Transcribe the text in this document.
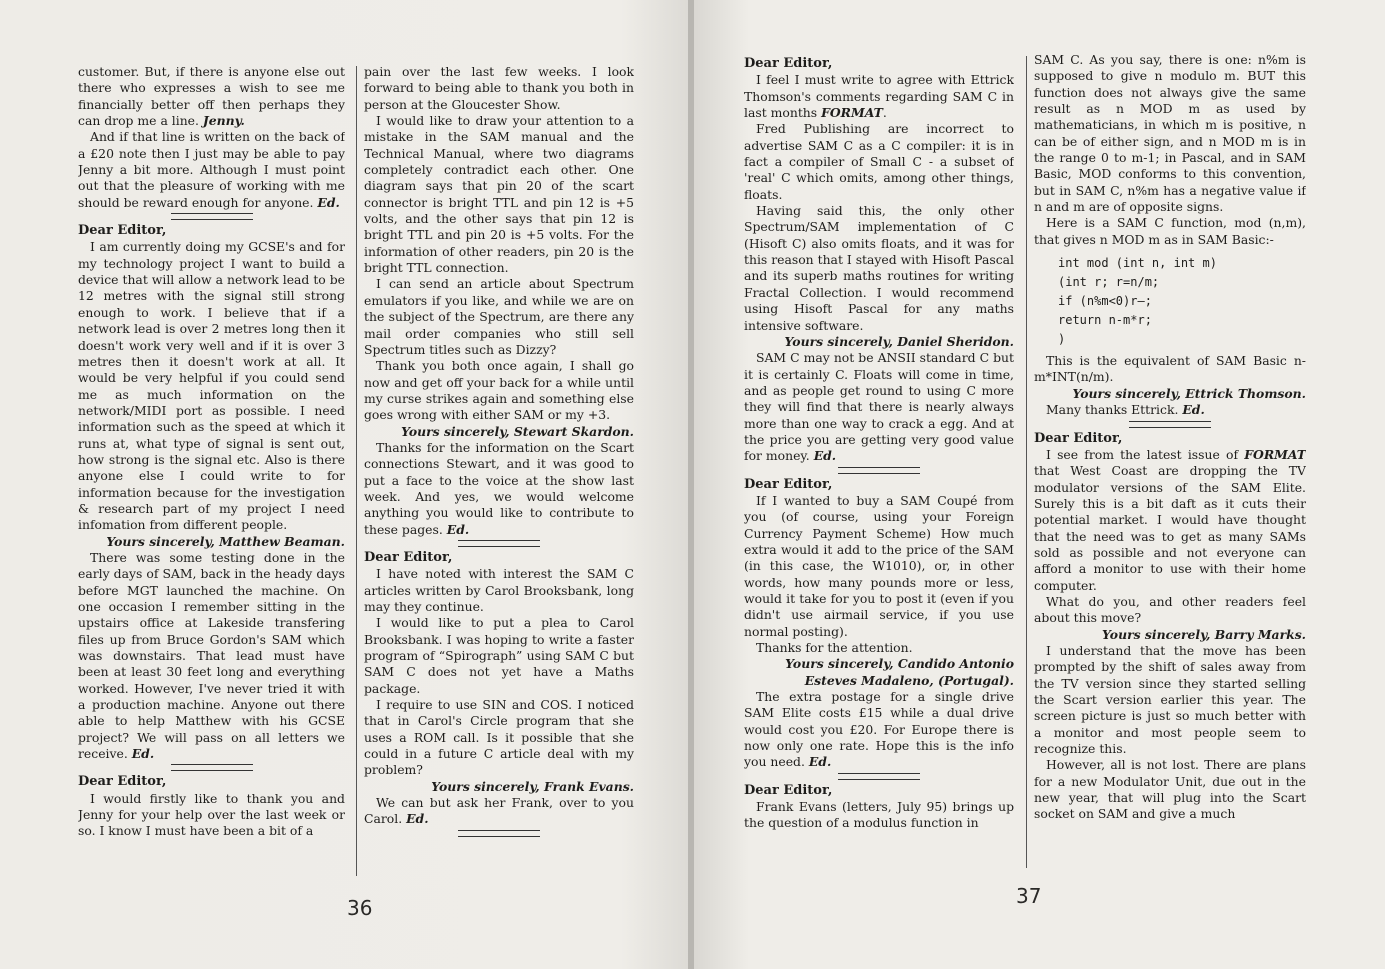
customer. But, if there is anyone else out there who expresses a wish to see me financially better off then perhaps they can drop me a line. Jenny.

And if that line is written on the back of a £20 note then I just may be able to pay Jenny a bit more. Although I must point out that the pleasure of working with me should be reward enough for anyone. Ed.

Dear Editor,

I am currently doing my GCSE's and for my technology project I want to build a device that will allow a network lead to be 12 metres with the signal still strong enough to work. I believe that if a network lead is over 2 metres long then it doesn't work very well and if it is over 3 metres then it doesn't work at all. It would be very helpful if you could send me as much information on the network/MIDI port as possible. I need information such as the speed at which it runs at, what type of signal is sent out, how strong is the signal etc. Also is there anyone else I could write to for information because for the investigation & research part of my project I need infomation from different people.

Yours sincerely, Matthew Beaman.

There was some testing done in the early days of SAM, back in the heady days before MGT launched the machine. On one occasion I remember sitting in the upstairs office at Lakeside transfering files up from Bruce Gordon's SAM which was downstairs. That lead must have been at least 30 feet long and everything worked. However, I've never tried it with a production machine. Anyone out there able to help Matthew with his GCSE project? We will pass on all letters we receive. Ed.

Dear Editor,

I would firstly like to thank you and Jenny for your help over the last week or so. I know I must have been a bit of a

pain over the last few weeks. I look forward to being able to thank you both in person at the Gloucester Show.

I would like to draw your attention to a mistake in the SAM manual and the Technical Manual, where two diagrams completely contradict each other. One diagram says that pin 20 of the scart connector is bright TTL and pin 12 is +5 volts, and the other says that pin 12 is bright TTL and pin 20 is +5 volts. For the information of other readers, pin 20 is the bright TTL connection.

I can send an article about Spectrum emulators if you like, and while we are on the subject of the Spectrum, are there any mail order companies who still sell Spectrum titles such as Dizzy?

Thank you both once again, I shall go now and get off your back for a while until my curse strikes again and something else goes wrong with either SAM or my +3.

Yours sincerely, Stewart Skardon.

Thanks for the information on the Scart connections Stewart, and it was good to put a face to the voice at the show last week. And yes, we would welcome anything you would like to contribute to these pages. Ed.

Dear Editor,

I have noted with interest the SAM C articles written by Carol Brooksbank, long may they continue.

I would like to put a plea to Carol Brooksbank. I was hoping to write a faster program of “Spirograph” using SAM C but SAM C does not yet have a Maths package.

I require to use SIN and COS. I noticed that in Carol's Circle program that she uses a ROM call. Is it possible that she could in a future C article deal with my problem?

Yours sincerely, Frank Evans.

We can but ask her Frank, over to you Carol. Ed.

36

Dear Editor,

I feel I must write to agree with Ettrick Thomson's comments regarding SAM C in last months FORMAT.

Fred Publishing are incorrect to advertise SAM C as a C compiler: it is in fact a compiler of Small C - a subset of 'real' C which omits, among other things, floats.

Having said this, the only other Spectrum/SAM implementation of C (Hisoft C) also omits floats, and it was for this reason that I stayed with Hisoft Pascal and its superb maths routines for writing Fractal Collection. I would recommend using Hisoft Pascal for any maths intensive software.

Yours sincerely, Daniel Sheridon.

SAM C may not be ANSII standard C but it is certainly C. Floats will come in time, and as people get round to using C more they will find that there is nearly always more than one way to crack a egg. And at the price you are getting very good value for money. Ed.

Dear Editor,

If I wanted to buy a SAM Coupé from you (of course, using your Foreign Currency Payment Scheme) How much extra would it add to the price of the SAM (in this case, the W1010), or, in other words, how many pounds more or less, would it take for you to post it (even if you didn't use airmail service, if you use normal posting).

Thanks for the attention.

Yours sincerely, Candido Antonio Esteves Madaleno, (Portugal).

The extra postage for a single drive SAM Elite costs £15 while a dual drive would cost you £20. For Europe there is now only one rate. Hope this is the info you need. Ed.

Dear Editor,

Frank Evans (letters, July 95) brings up the question of a modulus function in

SAM C. As you say, there is one: n%m is supposed to give n modulo m. BUT this function does not always give the same result as n MOD m as used by mathematicians, in which m is positive, n can be of either sign, and n MOD m is in the range 0 to m-1; in Pascal, and in SAM Basic, MOD conforms to this convention, but in SAM C, n%m has a negative value if n and m are of opposite signs.

Here is a SAM C function, mod (n,m), that gives n MOD m as in SAM Basic:-

int mod (int n, int m)
(int r; r=n/m;
if (n%m<0)r—;
return n-m*r;
)

This is the equivalent of SAM Basic n-m*INT(n/m).

Yours sincerely, Ettrick Thomson.

Many thanks Ettrick. Ed.

Dear Editor,

I see from the latest issue of FORMAT that West Coast are dropping the TV modulator versions of the SAM Elite. Surely this is a bit daft as it cuts their potential market. I would have thought that the need was to get as many SAMs sold as possible and not everyone can afford a monitor to use with their home computer.

What do you, and other readers feel about this move?

Yours sincerely, Barry Marks.

I understand that the move has been prompted by the shift of sales away from the TV version since they started selling the Scart version earlier this year. The screen picture is just so much better with a monitor and most people seem to recognize this.

However, all is not lost. There are plans for a new Modulator Unit, due out in the new year, that will plug into the Scart socket on SAM and give a much

37
